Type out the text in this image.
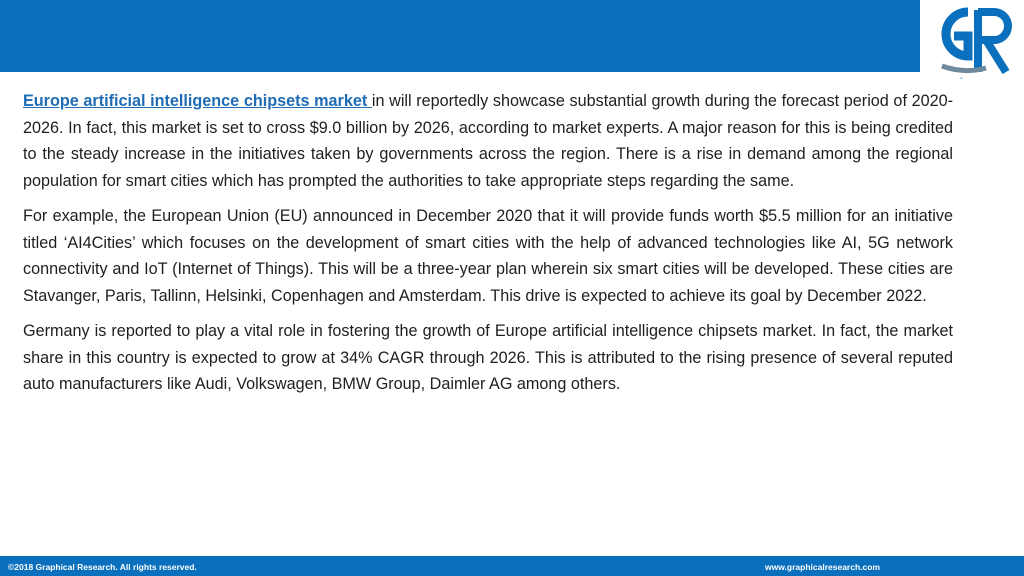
GR

Europe artificial intelligence chipsets market in will reportedly showcase substantial growth during the forecast period of 2020-2026. In fact, this market is set to cross $9.0 billion by 2026, according to market experts. A major reason for this is being credited to the steady increase in the initiatives taken by governments across the region. There is a rise in demand among the regional population for smart cities which has prompted the authorities to take appropriate steps regarding the same.

For example, the European Union (EU) announced in December 2020 that it will provide funds worth $5.5 million for an initiative titled ‘AI4Cities’ which focuses on the development of smart cities with the help of advanced technologies like AI, 5G network connectivity and IoT (Internet of Things). This will be a three-year plan wherein six smart cities will be developed. These cities are Stavanger, Paris, Tallinn, Helsinki, Copenhagen and Amsterdam. This drive is expected to achieve its goal by December 2022.

Germany is reported to play a vital role in fostering the growth of Europe artificial intelligence chipsets market. In fact, the market share in this country is expected to grow at 34% CAGR through 2026. This is attributed to the rising presence of several reputed auto manufacturers like Audi, Volkswagen, BMW Group, Daimler AG among others.

©2018 Graphical Research. All rights reserved.	www.graphicalresearch.com
